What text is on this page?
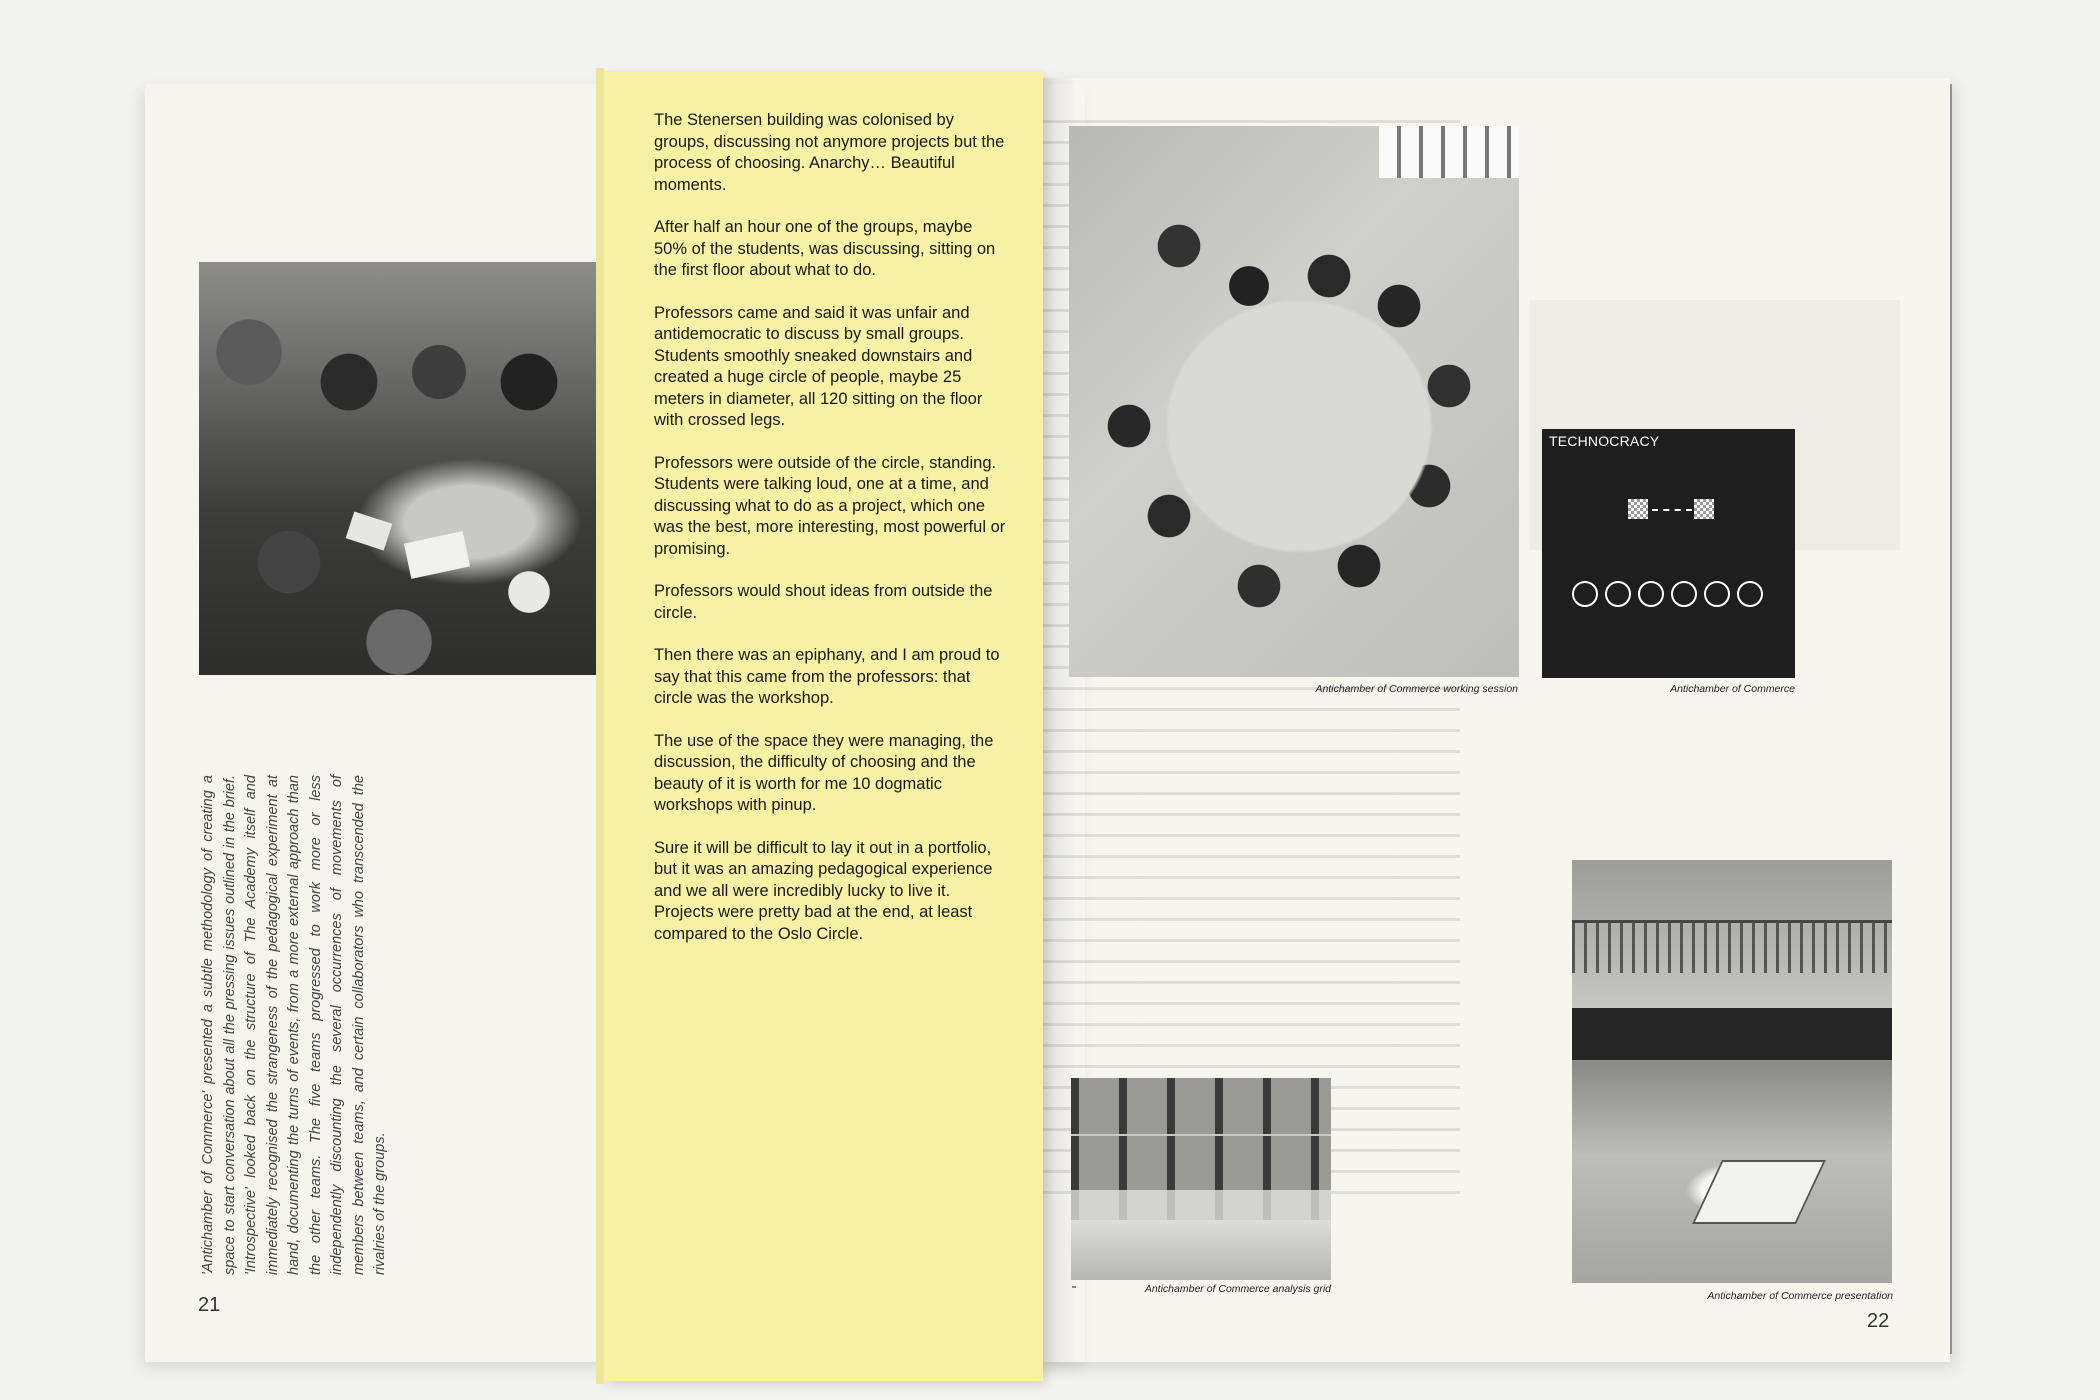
'Antichamber of Commerce' presented a subtle methodology of creating a space to start conversation about all the pressing issues outlined in the brief. 'Introspective' looked back on the structure of The Academy itself and immediately recognised the strangeness of the pedagogical experiment at hand, documenting the turns of events, from a more external approach than the other teams. The five teams progressed to work more or less independently discounting the several occurrences of movements of members between teams, and certain collaborators who transcended the rivalries of the groups.
21

The Stenersen building was colonised by groups, discussing not anymore projects but the process of choosing. Anarchy… Beautiful moments.

After half an hour one of the groups, maybe 50% of the students, was discussing, sitting on the first floor about what to do.

Professors came and said it was unfair and antidemocratic to discuss by small groups. Students smoothly sneaked downstairs and created a huge circle of people, maybe 25 meters in diameter, all 120 sitting on the floor with crossed legs.

Professors were outside of the circle, standing. Students were talking loud, one at a time, and discussing what to do as a project, which one was the best, more interesting, most powerful or promising.

Professors would shout ideas from outside the circle.

Then there was an epiphany, and I am proud to say that this came from the professors: that circle was the workshop.

The use of the space they were managing, the discussion, the difficulty of choosing and the beauty of it is worth for me 10 dogmatic workshops with pinup.

Sure it will be difficult to lay it out in a portfolio, but it was an amazing pedagogical experience and we all were incredibly lucky to live it. Projects were pretty bad at the end, at least compared to the Oslo Circle.

Antichamber of Commerce working session
TECHNOCRACY
Antichamber of Commerce
Antichamber of Commerce analysis grid
Antichamber of Commerce presentation
22
